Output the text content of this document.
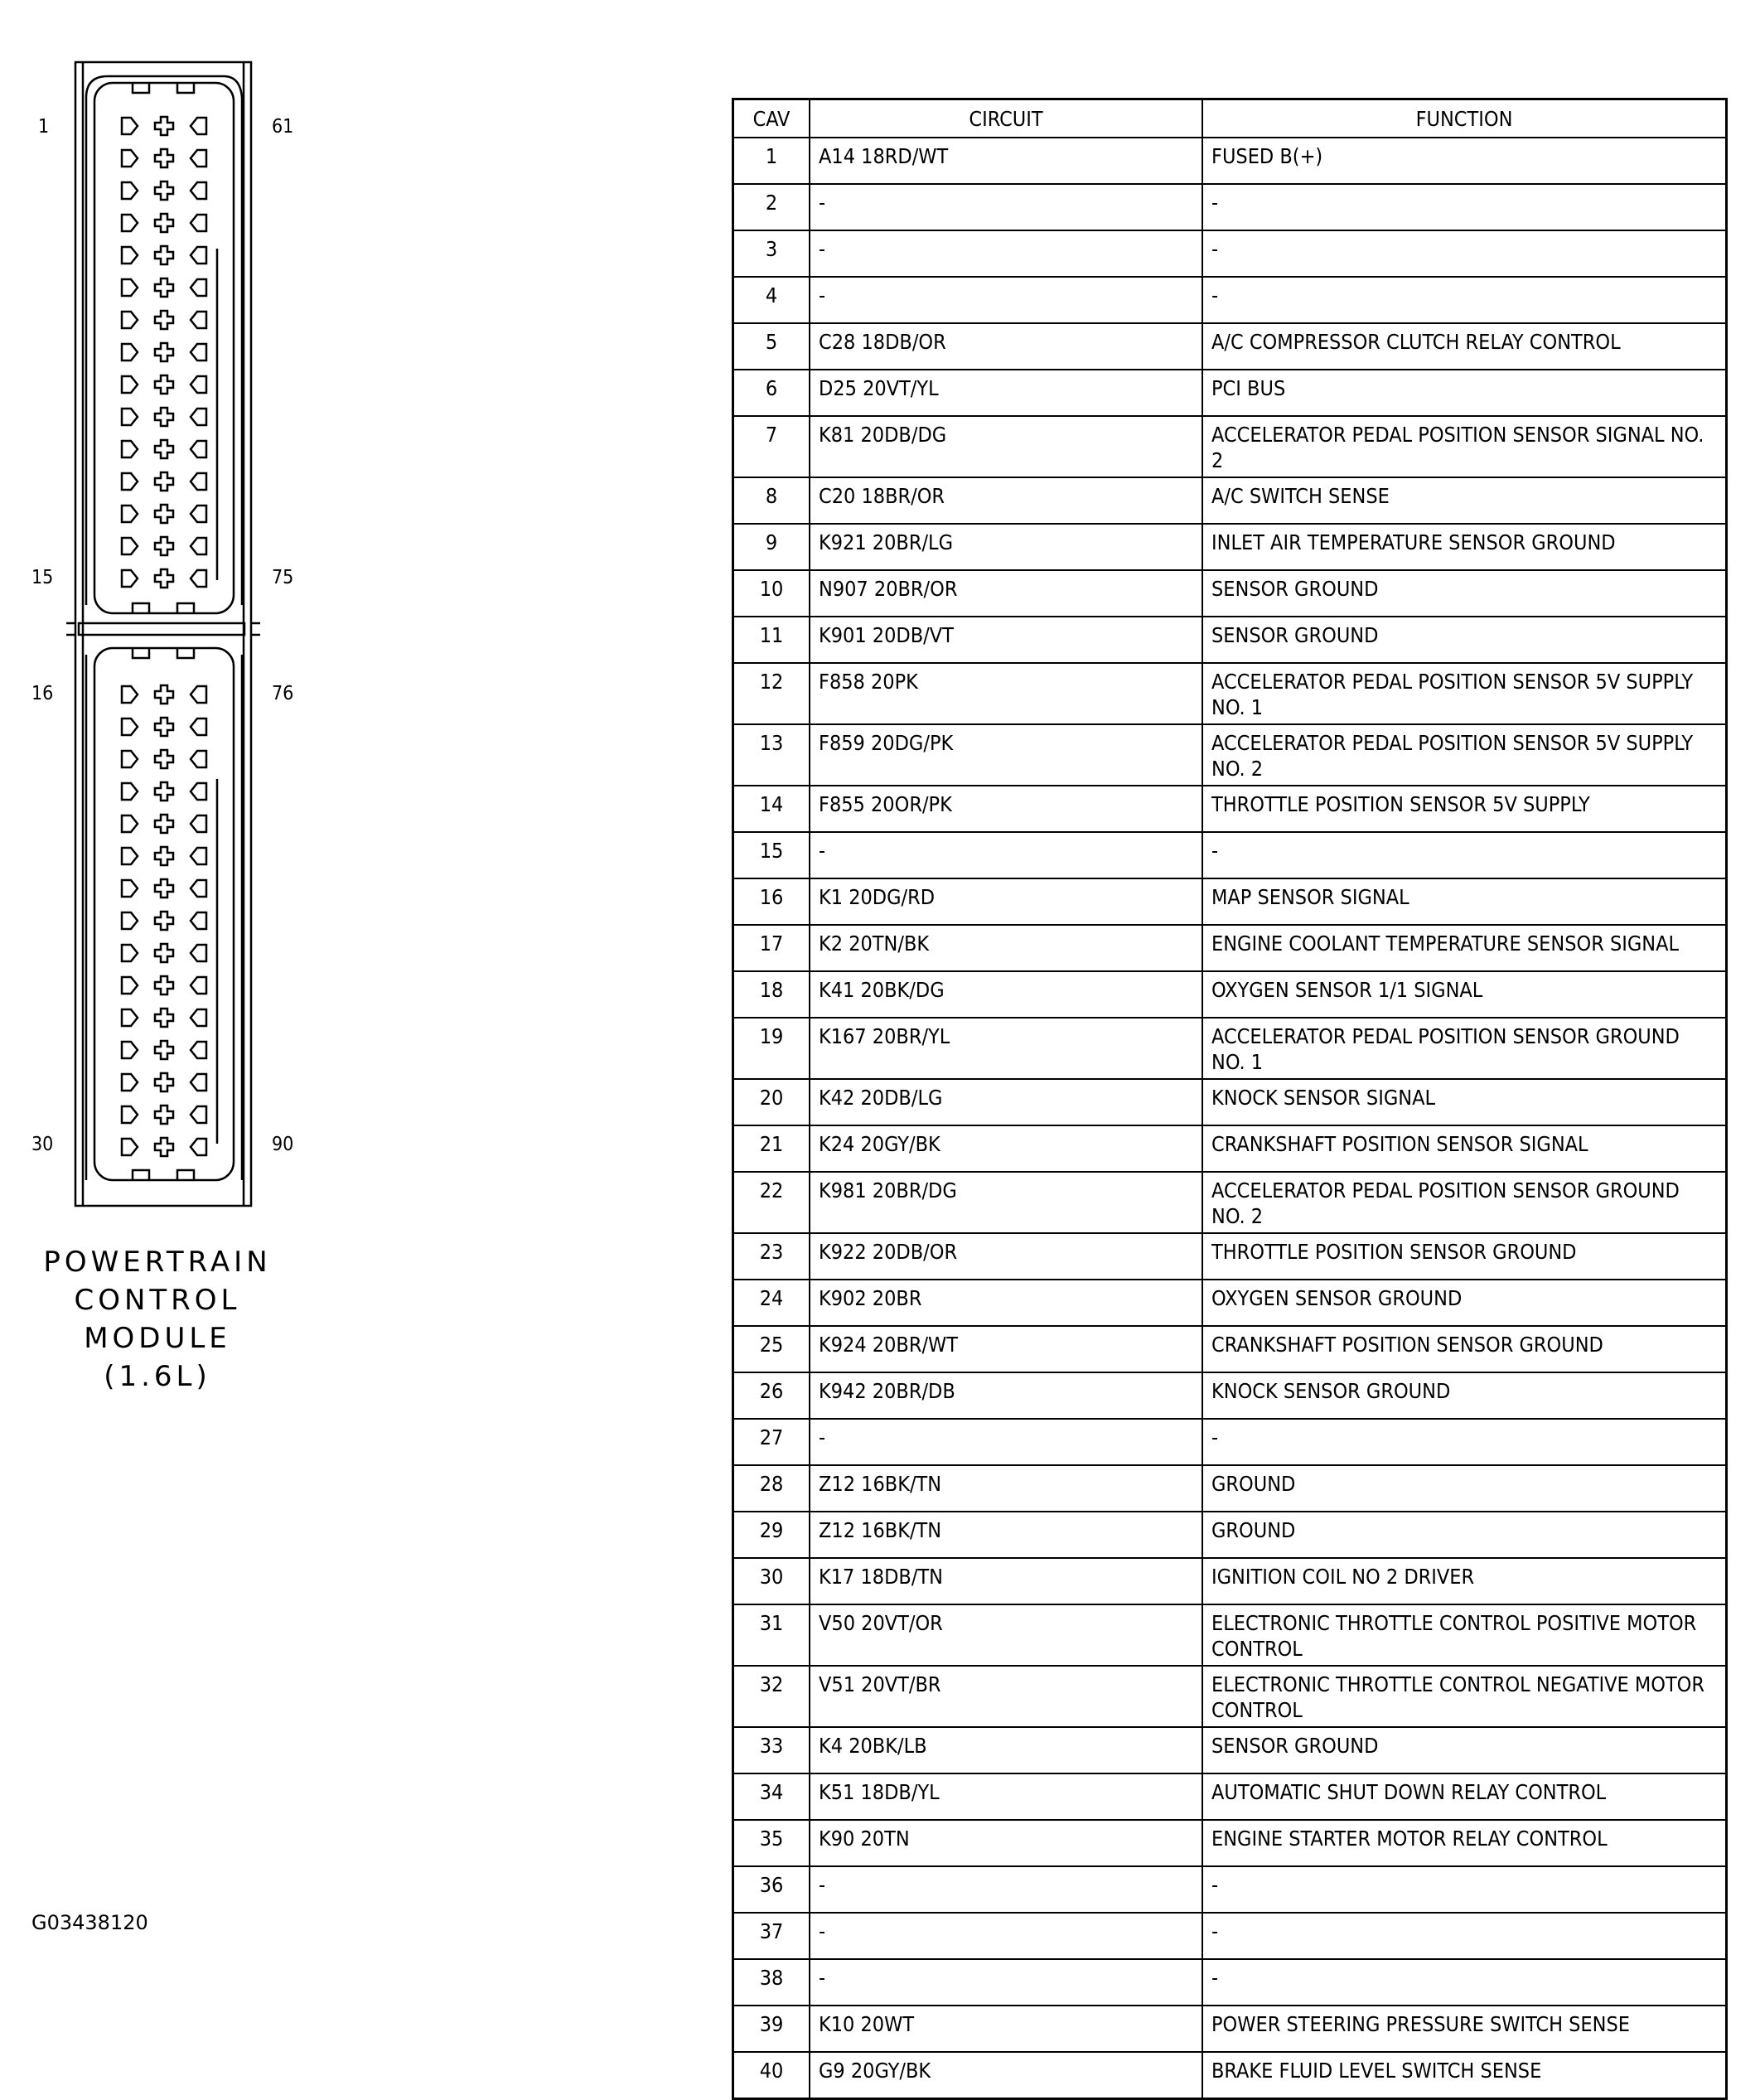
1	61
15	75
16	76
30	90
POWERTRAIN
CONTROL
MODULE
(1.6L)
G03438120
CAV	CIRCUIT	FUNCTION
1	A14 18RD/WT	FUSED B(+)
2	-	-
3	-	-
4	-	-
5	C28 18DB/OR	A/C COMPRESSOR CLUTCH RELAY CONTROL
6	D25 20VT/YL	PCI BUS
7	K81 20DB/DG	ACCELERATOR PEDAL POSITION SENSOR SIGNAL NO. 2
8	C20 18BR/OR	A/C SWITCH SENSE
9	K921 20BR/LG	INLET AIR TEMPERATURE SENSOR GROUND
10	N907 20BR/OR	SENSOR GROUND
11	K901 20DB/VT	SENSOR GROUND
12	F858 20PK	ACCELERATOR PEDAL POSITION SENSOR 5V SUPPLY NO. 1
13	F859 20DG/PK	ACCELERATOR PEDAL POSITION SENSOR 5V SUPPLY NO. 2
14	F855 20OR/PK	THROTTLE POSITION SENSOR 5V SUPPLY
15	-	-
16	K1 20DG/RD	MAP SENSOR SIGNAL
17	K2 20TN/BK	ENGINE COOLANT TEMPERATURE SENSOR SIGNAL
18	K41 20BK/DG	OXYGEN SENSOR 1/1 SIGNAL
19	K167 20BR/YL	ACCELERATOR PEDAL POSITION SENSOR GROUND NO. 1
20	K42 20DB/LG	KNOCK SENSOR SIGNAL
21	K24 20GY/BK	CRANKSHAFT POSITION SENSOR SIGNAL
22	K981 20BR/DG	ACCELERATOR PEDAL POSITION SENSOR GROUND NO. 2
23	K922 20DB/OR	THROTTLE POSITION SENSOR GROUND
24	K902 20BR	OXYGEN SENSOR GROUND
25	K924 20BR/WT	CRANKSHAFT POSITION SENSOR GROUND
26	K942 20BR/DB	KNOCK SENSOR GROUND
27	-	-
28	Z12 16BK/TN	GROUND
29	Z12 16BK/TN	GROUND
30	K17 18DB/TN	IGNITION COIL NO 2 DRIVER
31	V50 20VT/OR	ELECTRONIC THROTTLE CONTROL POSITIVE MOTOR CONTROL
32	V51 20VT/BR	ELECTRONIC THROTTLE CONTROL NEGATIVE MOTOR CONTROL
33	K4 20BK/LB	SENSOR GROUND
34	K51 18DB/YL	AUTOMATIC SHUT DOWN RELAY CONTROL
35	K90 20TN	ENGINE STARTER MOTOR RELAY CONTROL
36	-	-
37	-	-
38	-	-
39	K10 20WT	POWER STEERING PRESSURE SWITCH SENSE
40	G9 20GY/BK	BRAKE FLUID LEVEL SWITCH SENSE
